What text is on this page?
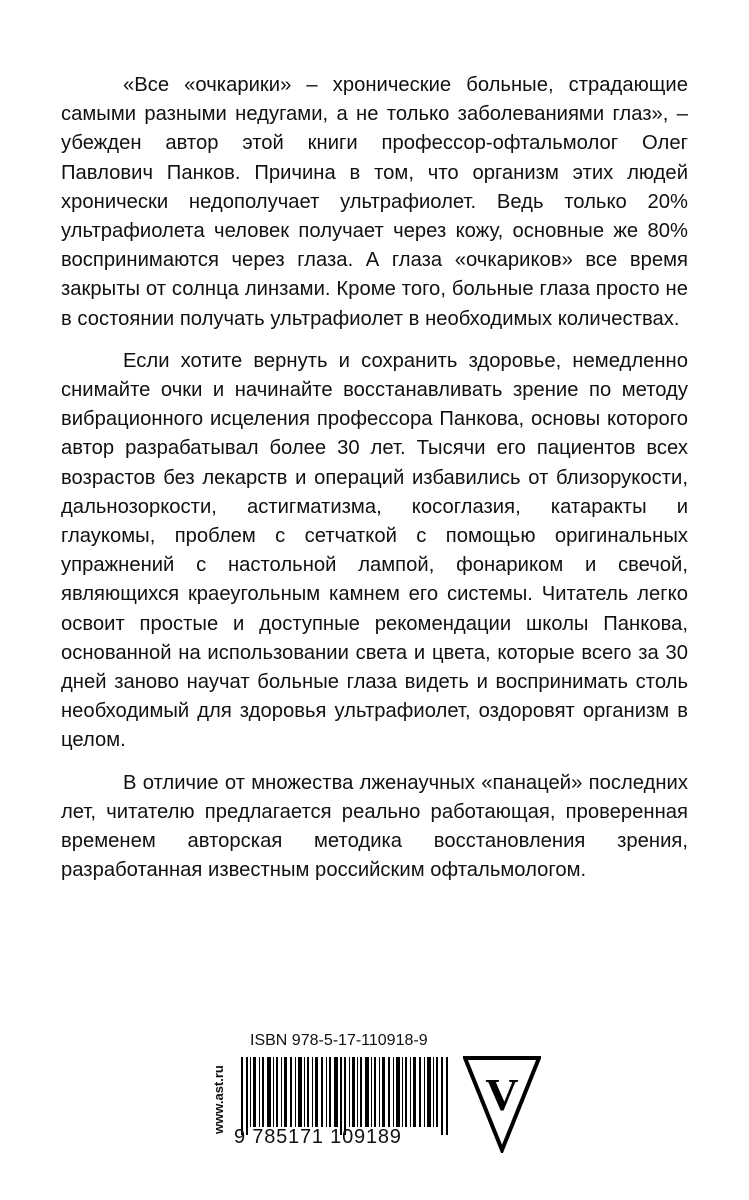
«Все «очкарики» – хронические больные, страдающие самыми разными недугами, а не только заболеваниями глаз», – убежден автор этой книги профессор-офтальмолог Олег Павлович Панков. Причина в том, что организм этих людей хронически недополучает ультрафиолет. Ведь только 20% ультрафиолета человек получает через кожу, основные же 80% воспринимаются через глаза. А глаза «очкариков» все время закрыты от солнца линзами. Кроме того, больные глаза просто не в состоянии получать ультрафиолет в необходимых количествах.

Если хотите вернуть и сохранить здоровье, немедленно снимайте очки и начинайте восстанавливать зрение по методу вибрационного исцеления профессора Панкова, основы которого автор разрабатывал более 30 лет. Тысячи его пациентов всех возрастов без лекарств и операций избавились от близорукости, дальнозоркости, астигматизма, косоглазия, катаракты и глаукомы, проблем с сетчаткой с помощью оригинальных упражнений с настольной лампой, фонариком и свечой, являющихся краеугольным камнем его системы. Читатель легко освоит простые и доступные рекомендации школы Панкова, основанной на использовании света и цвета, которые всего за 30 дней заново научат больные глаза видеть и воспринимать столь необходимый для здоровья ультрафиолет, оздоровят организм в целом.

В отличие от множества лженаучных «панацей» последних лет, читателю предлагается реально работающая, проверенная временем авторская методика восстановления зрения, разработанная известным российским офтальмологом.

www.ast.ru
ISBN 978-5-17-110918-9
9 785171 109189
V
